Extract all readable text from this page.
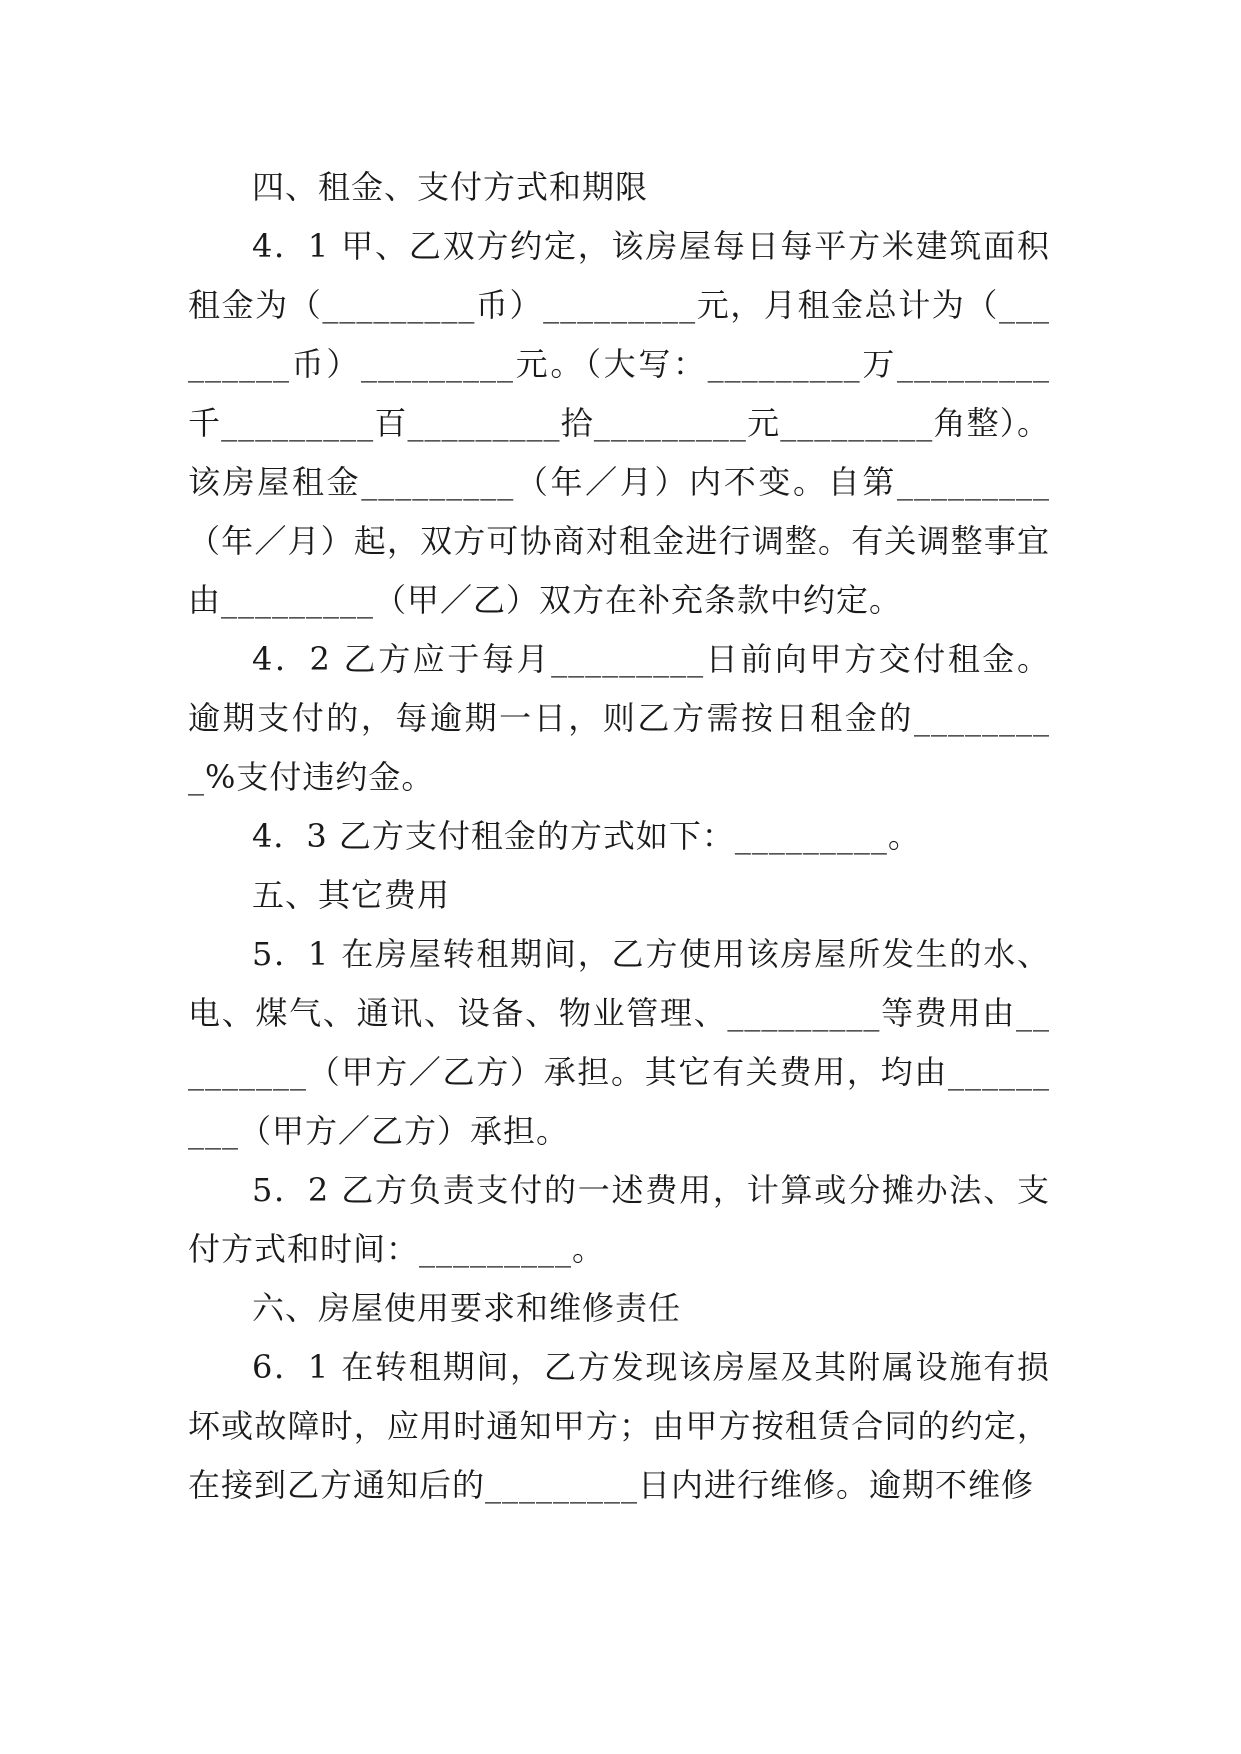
四、租金、支付方式和期限

4．1 甲、乙双方约定，该房屋每日每平方米建筑面积租金为（_________币）_________元，月租金总计为（_________币）_________元。（大写：_________万_________千_________百_________拾_________元_________角整）。该房屋租金_________（年／月）内不变。自第_________（年／月）起，双方可协商对租金进行调整。有关调整事宜由_________（甲／乙）双方在补充条款中约定。

4．2 乙方应于每月_________日前向甲方交付租金。逾期支付的，每逾期一日，则乙方需按日租金的_________%支付违约金。

4．3 乙方支付租金的方式如下：_________。

五、其它费用

5．1 在房屋转租期间，乙方使用该房屋所发生的水、电、煤气、通讯、设备、物业管理、_________等费用由_________（甲方／乙方）承担。其它有关费用，均由_________（甲方／乙方）承担。

5．2 乙方负责支付的一述费用，计算或分摊办法、支付方式和时间：_________。

六、房屋使用要求和维修责任

6．1 在转租期间，乙方发现该房屋及其附属设施有损坏或故障时，应用时通知甲方；由甲方按租赁合同的约定，在接到乙方通知后的_________日内进行维修。逾期不维修
